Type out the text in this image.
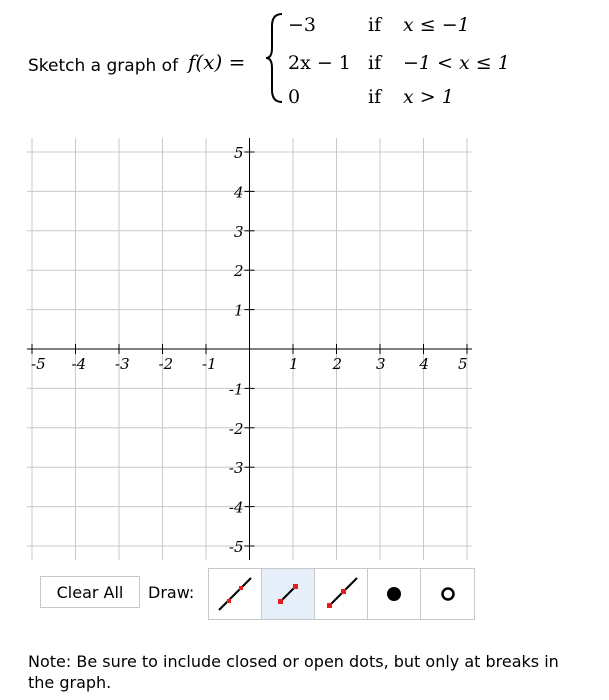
Sketch a graph of f(x) =
−3	if x ≤ −1
2x − 1 if −1 < x ≤ 1
0	if x > 1
-5 -4 -3 -2 -1	1 2 3 4 5
5
4
3
2
1
-1
-2
-3
-4
-5
Clear All	Draw:
Note: Be sure to include closed or open dots, but only at breaks in the graph.
